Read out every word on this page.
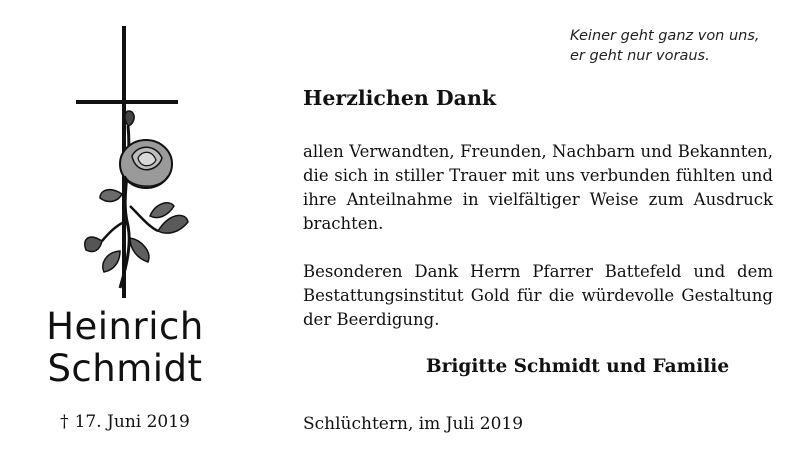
Keiner geht ganz von uns,
er geht nur voraus.
Heinrich
Schmidt
† 17. Juni 2019
Herzlichen Dank
allen Verwandten, Freunden, Nachbarn und Bekannten,
die sich in stiller Trauer mit uns verbunden fühlten und
ihre Anteilnahme in vielfältiger Weise zum Ausdruck
brachten.
Besonderen Dank Herrn Pfarrer Battefeld und dem
Bestattungsinstitut Gold für die würdevolle Gestaltung
der Beerdigung.
Brigitte Schmidt und Familie
Schlüchtern, im Juli 2019
